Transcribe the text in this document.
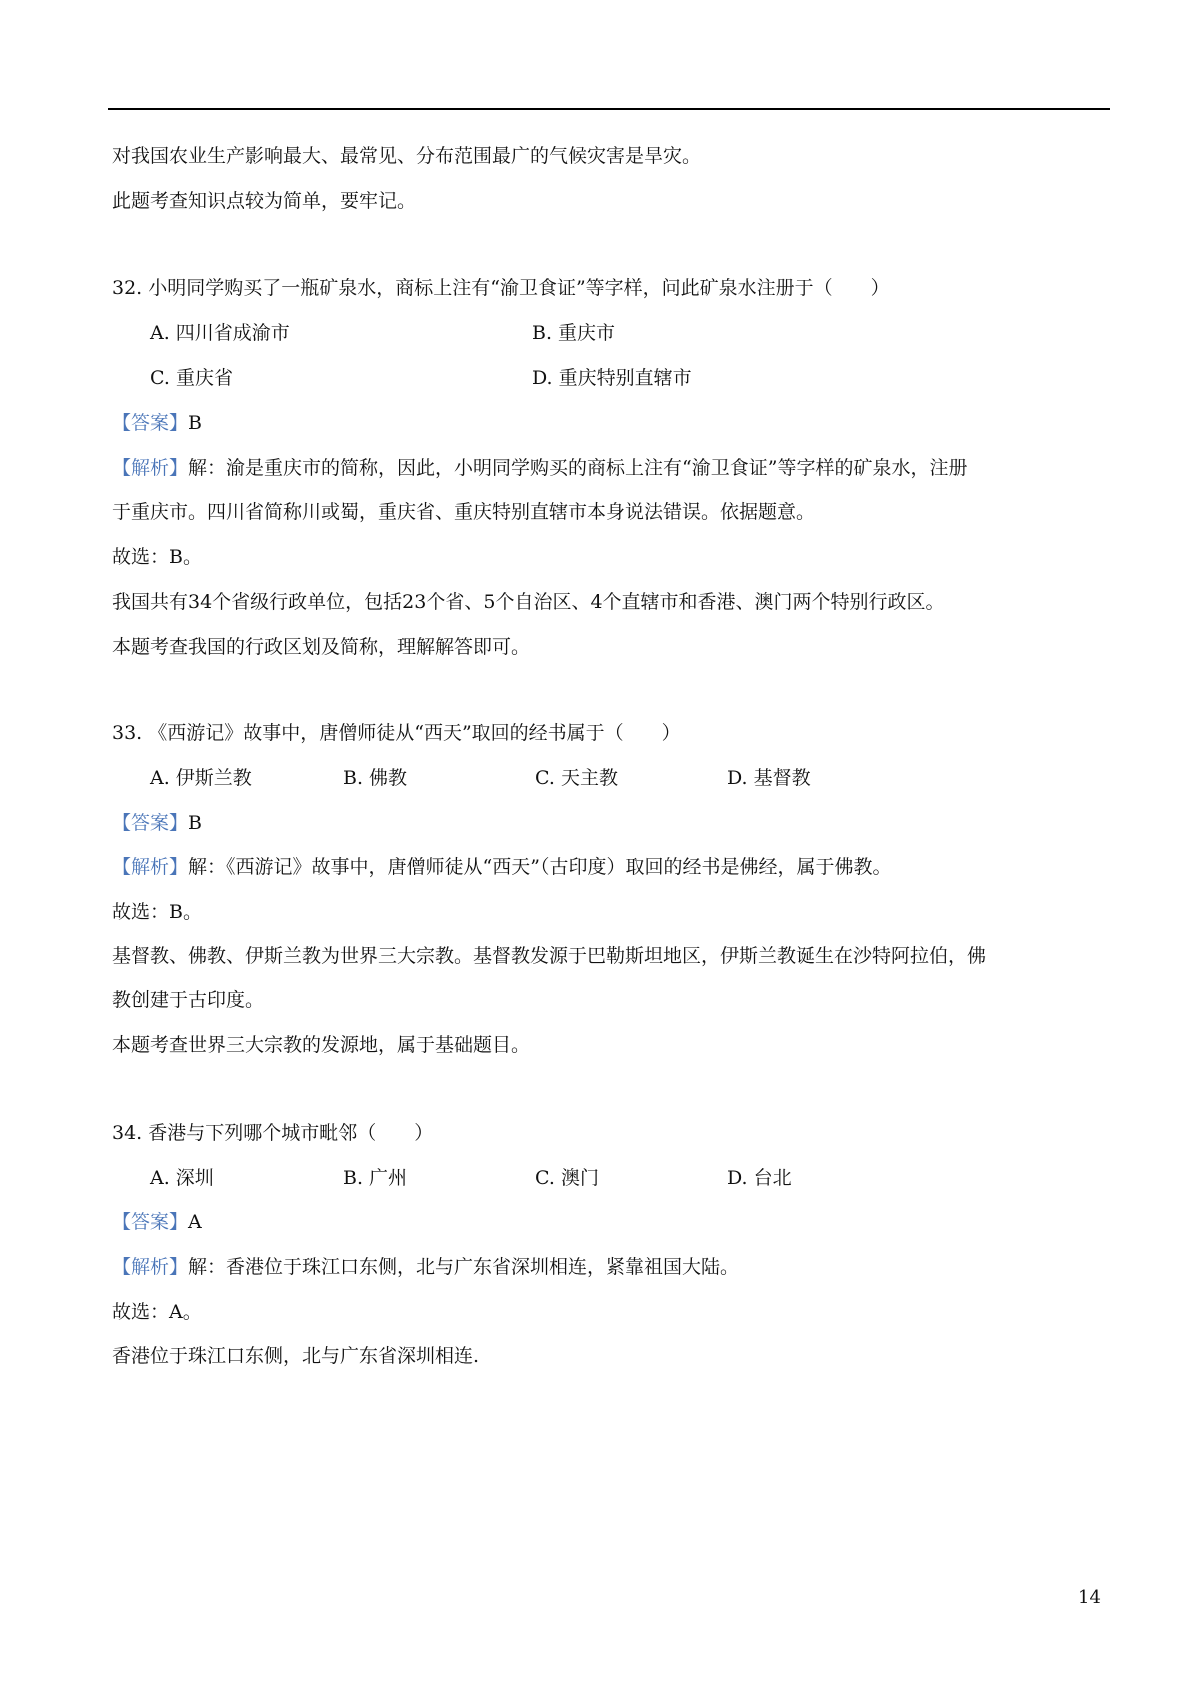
对我国农业生产影响最大、最常见、分布范围最广的气候灾害是旱灾。
此题考查知识点较为简单，要牢记。
32. 小明同学购买了一瓶矿泉水，商标上注有“渝卫食证”等字样，问此矿泉水注册于（　　）
A. 四川省成渝市	B. 重庆市
C. 重庆省	D. 重庆特别直辖市
【答案】B
【解析】解：渝是重庆市的简称，因此，小明同学购买的商标上注有“渝卫食证”等字样的矿泉水，注册
于重庆市。四川省简称川或蜀，重庆省、重庆特别直辖市本身说法错误。依据题意。
故选：B。
我国共有34个省级行政单位，包括23个省、5个自治区、4个直辖市和香港、澳门两个特别行政区。
本题考查我国的行政区划及简称，理解解答即可。
33. 《西游记》故事中，唐僧师徒从“西天”取回的经书属于（　　）
A. 伊斯兰教	B. 佛教	C. 天主教	D. 基督教
【答案】B
【解析】解：《西游记》故事中，唐僧师徒从“西天”（古印度）取回的经书是佛经，属于佛教。
故选：B。
基督教、佛教、伊斯兰教为世界三大宗教。基督教发源于巴勒斯坦地区，伊斯兰教诞生在沙特阿拉伯，佛
教创建于古印度。
本题考查世界三大宗教的发源地，属于基础题目。
34. 香港与下列哪个城市毗邻（　　）
A. 深圳	B. 广州	C. 澳门	D. 台北
【答案】A
【解析】解：香港位于珠江口东侧，北与广东省深圳相连，紧靠祖国大陆。
故选：A。
香港位于珠江口东侧，北与广东省深圳相连.
14
